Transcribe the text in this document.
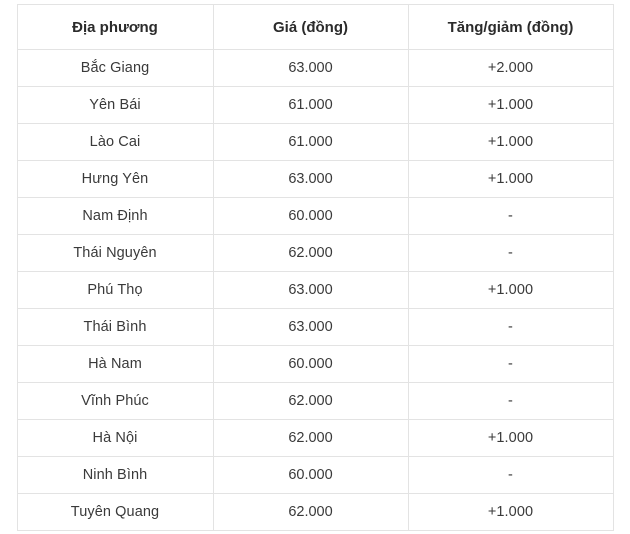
Địa phương	Giá (đồng)	Tăng/giảm (đồng)
Bắc Giang	63.000	+2.000
Yên Bái	61.000	+1.000
Lào Cai	61.000	+1.000
Hưng Yên	63.000	+1.000
Nam Định	60.000	-
Thái Nguyên	62.000	-
Phú Thọ	63.000	+1.000
Thái Bình	63.000	-
Hà Nam	60.000	-
Vĩnh Phúc	62.000	-
Hà Nội	62.000	+1.000
Ninh Bình	60.000	-
Tuyên Quang	62.000	+1.000
